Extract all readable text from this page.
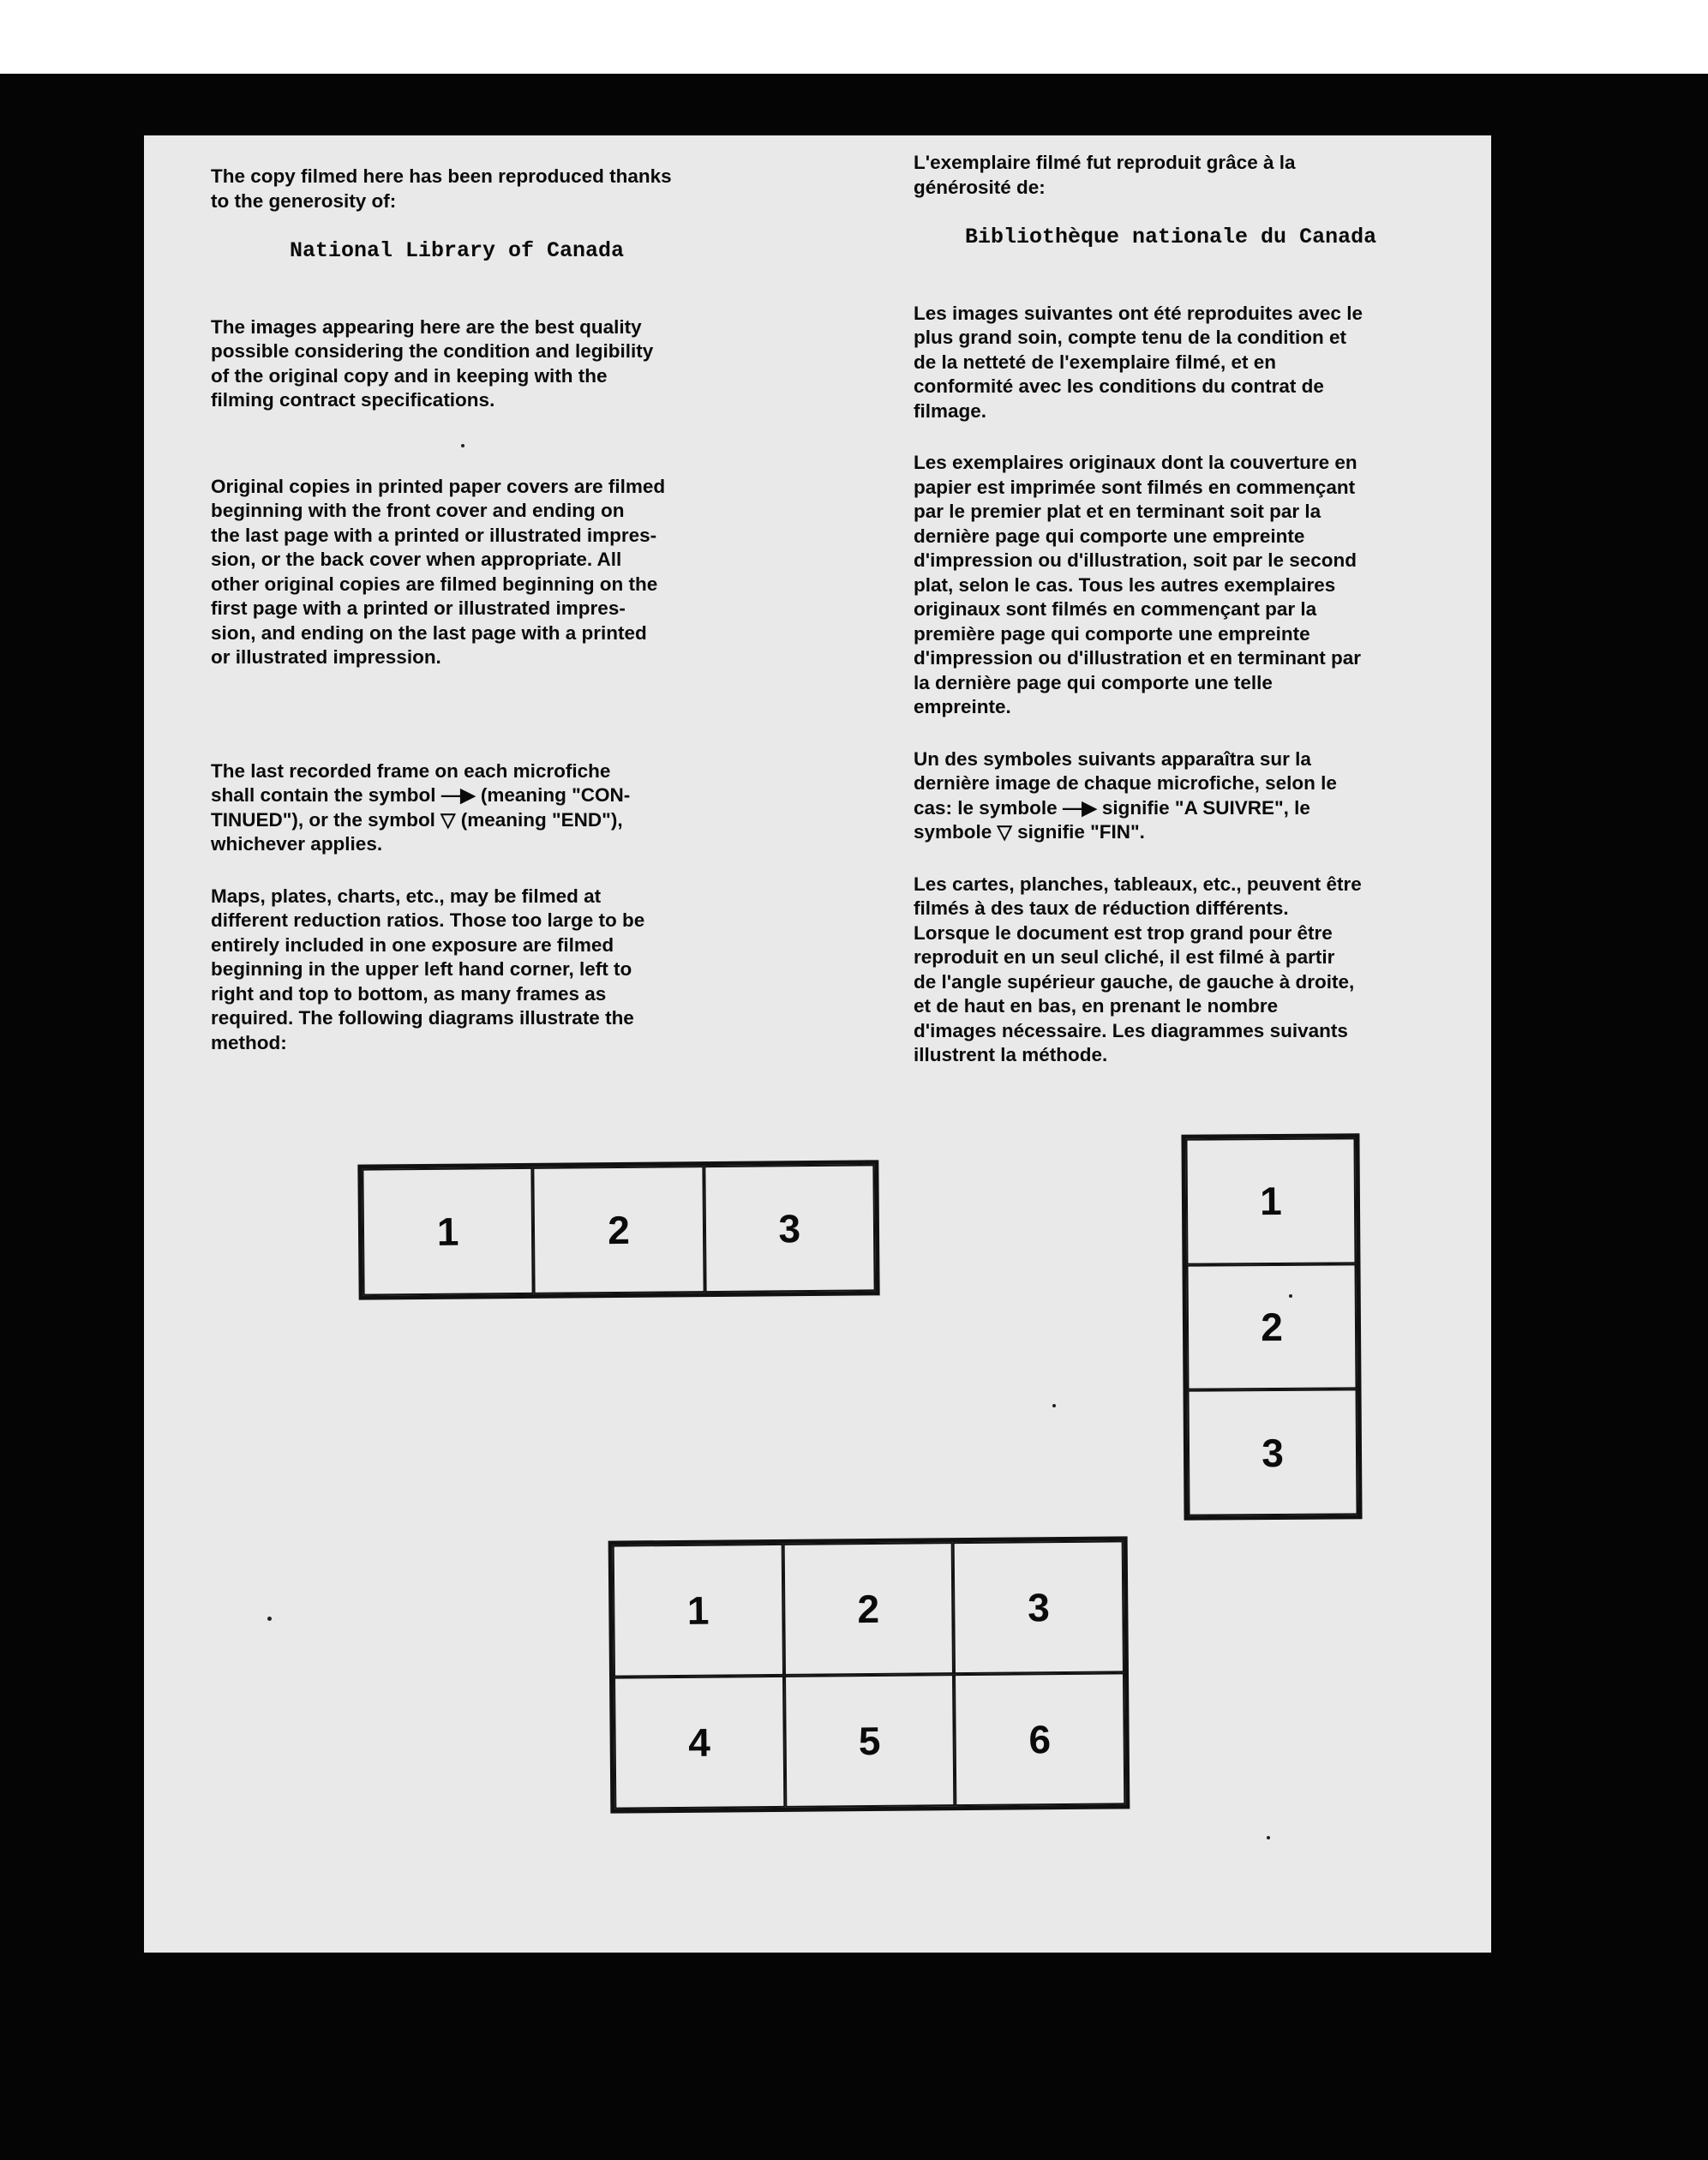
The copy filmed here has been reproduced thanks
to the generosity of:

National Library of Canada

The images appearing here are the best quality
possible considering the condition and legibility
of the original copy and in keeping with the
filming contract specifications.

Original copies in printed paper covers are filmed
beginning with the front cover and ending on
the last page with a printed or illustrated impres-
sion, or the back cover when appropriate. All
other original copies are filmed beginning on the
first page with a printed or illustrated impres-
sion, and ending on the last page with a printed
or illustrated impression.

The last recorded frame on each microfiche
shall contain the symbol —▶ (meaning "CON-
TINUED"), or the symbol ▽ (meaning "END"),
whichever applies.

Maps, plates, charts, etc., may be filmed at
different reduction ratios. Those too large to be
entirely included in one exposure are filmed
beginning in the upper left hand corner, left to
right and top to bottom, as many frames as
required. The following diagrams illustrate the
method:

L'exemplaire filmé fut reproduit grâce à la
générosité de:

Bibliothèque nationale du Canada

Les images suivantes ont été reproduites avec le
plus grand soin, compte tenu de la condition et
de la netteté de l'exemplaire filmé, et en
conformité avec les conditions du contrat de
filmage.

Les exemplaires originaux dont la couverture en
papier est imprimée sont filmés en commençant
par le premier plat et en terminant soit par la
dernière page qui comporte une empreinte
d'impression ou d'illustration, soit par le second
plat, selon le cas. Tous les autres exemplaires
originaux sont filmés en commençant par la
première page qui comporte une empreinte
d'impression ou d'illustration et en terminant par
la dernière page qui comporte une telle
empreinte.

Un des symboles suivants apparaîtra sur la
dernière image de chaque microfiche, selon le
cas: le symbole —▶ signifie "A SUIVRE", le
symbole ▽ signifie "FIN".

Les cartes, planches, tableaux, etc., peuvent être
filmés à des taux de réduction différents.
Lorsque le document est trop grand pour être
reproduit en un seul cliché, il est filmé à partir
de l'angle supérieur gauche, de gauche à droite,
et de haut en bas, en prenant le nombre
d'images nécessaire. Les diagrammes suivants
illustrent la méthode.

1	2	3
1
2
3
1	2	3
4	5	6
